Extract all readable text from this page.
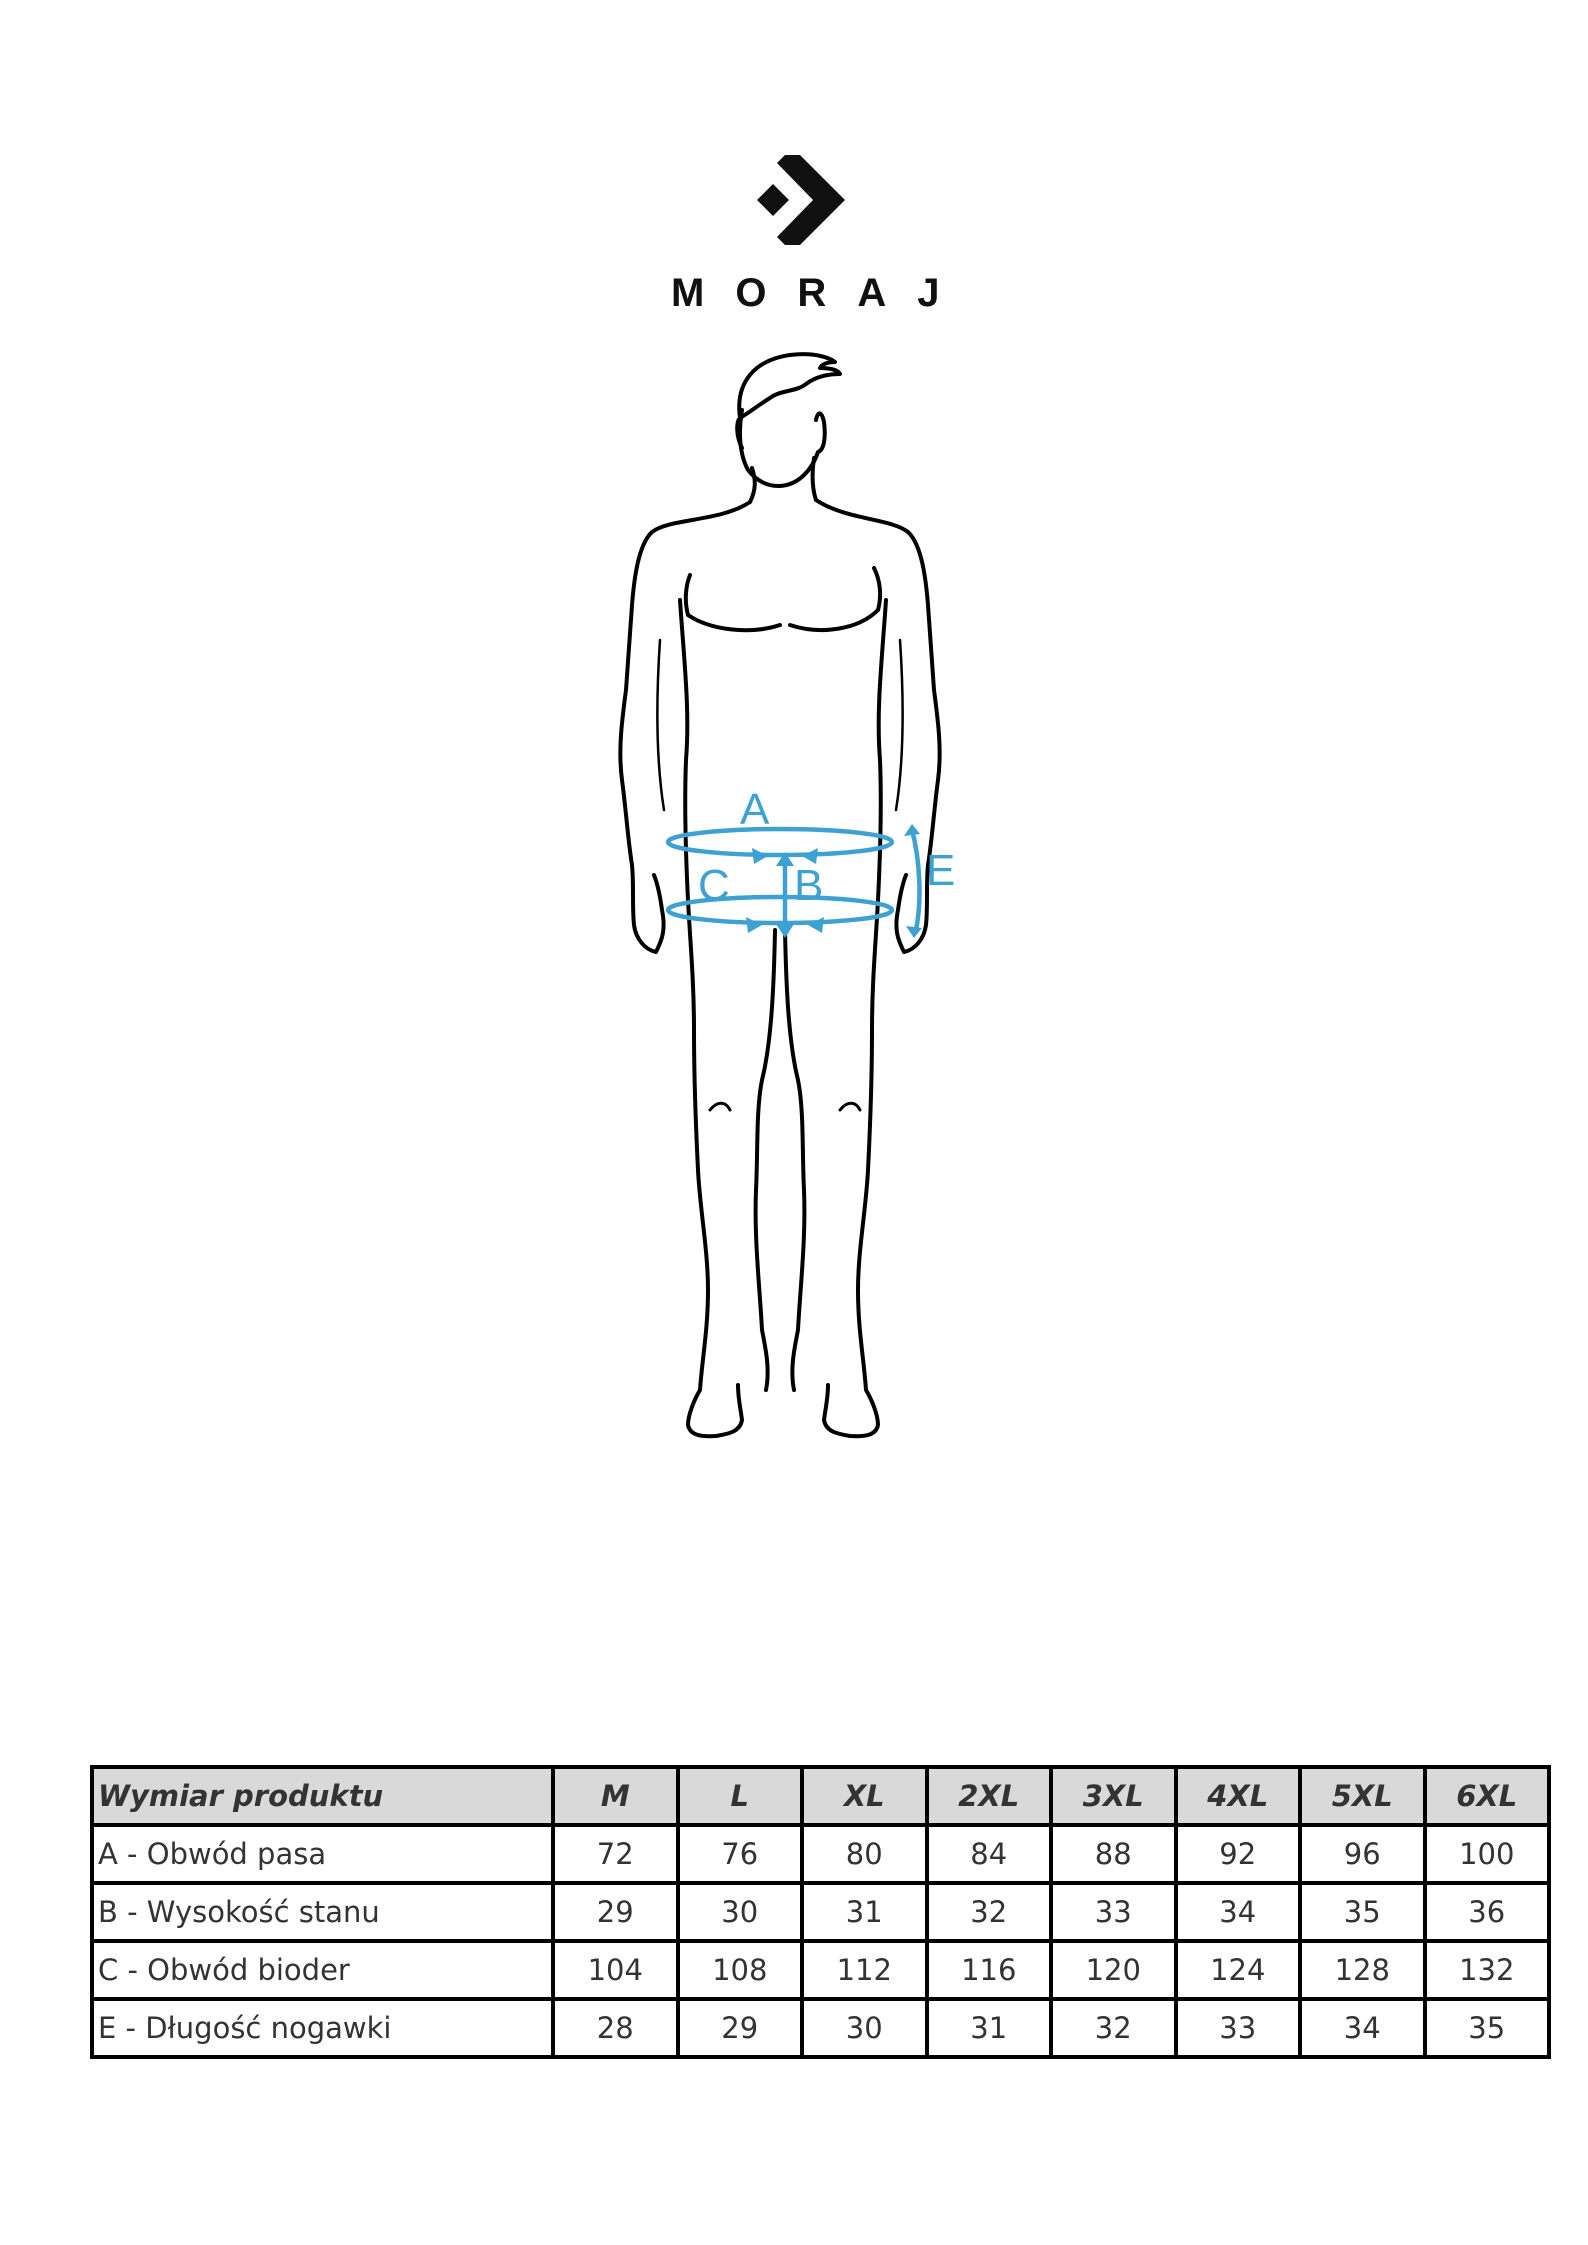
MORAJ
A
B
C	E
Wymiar produktu	M	L	XL	2XL	3XL	4XL	5XL	6XL
A - Obwód pasa	72	76	80	84	88	92	96	100
B - Wysokość stanu	29	30	31	32	33	34	35	36
C - Obwód bioder	104	108	112	116	120	124	128	132
E - Długość nogawki	28	29	30	31	32	33	34	35
